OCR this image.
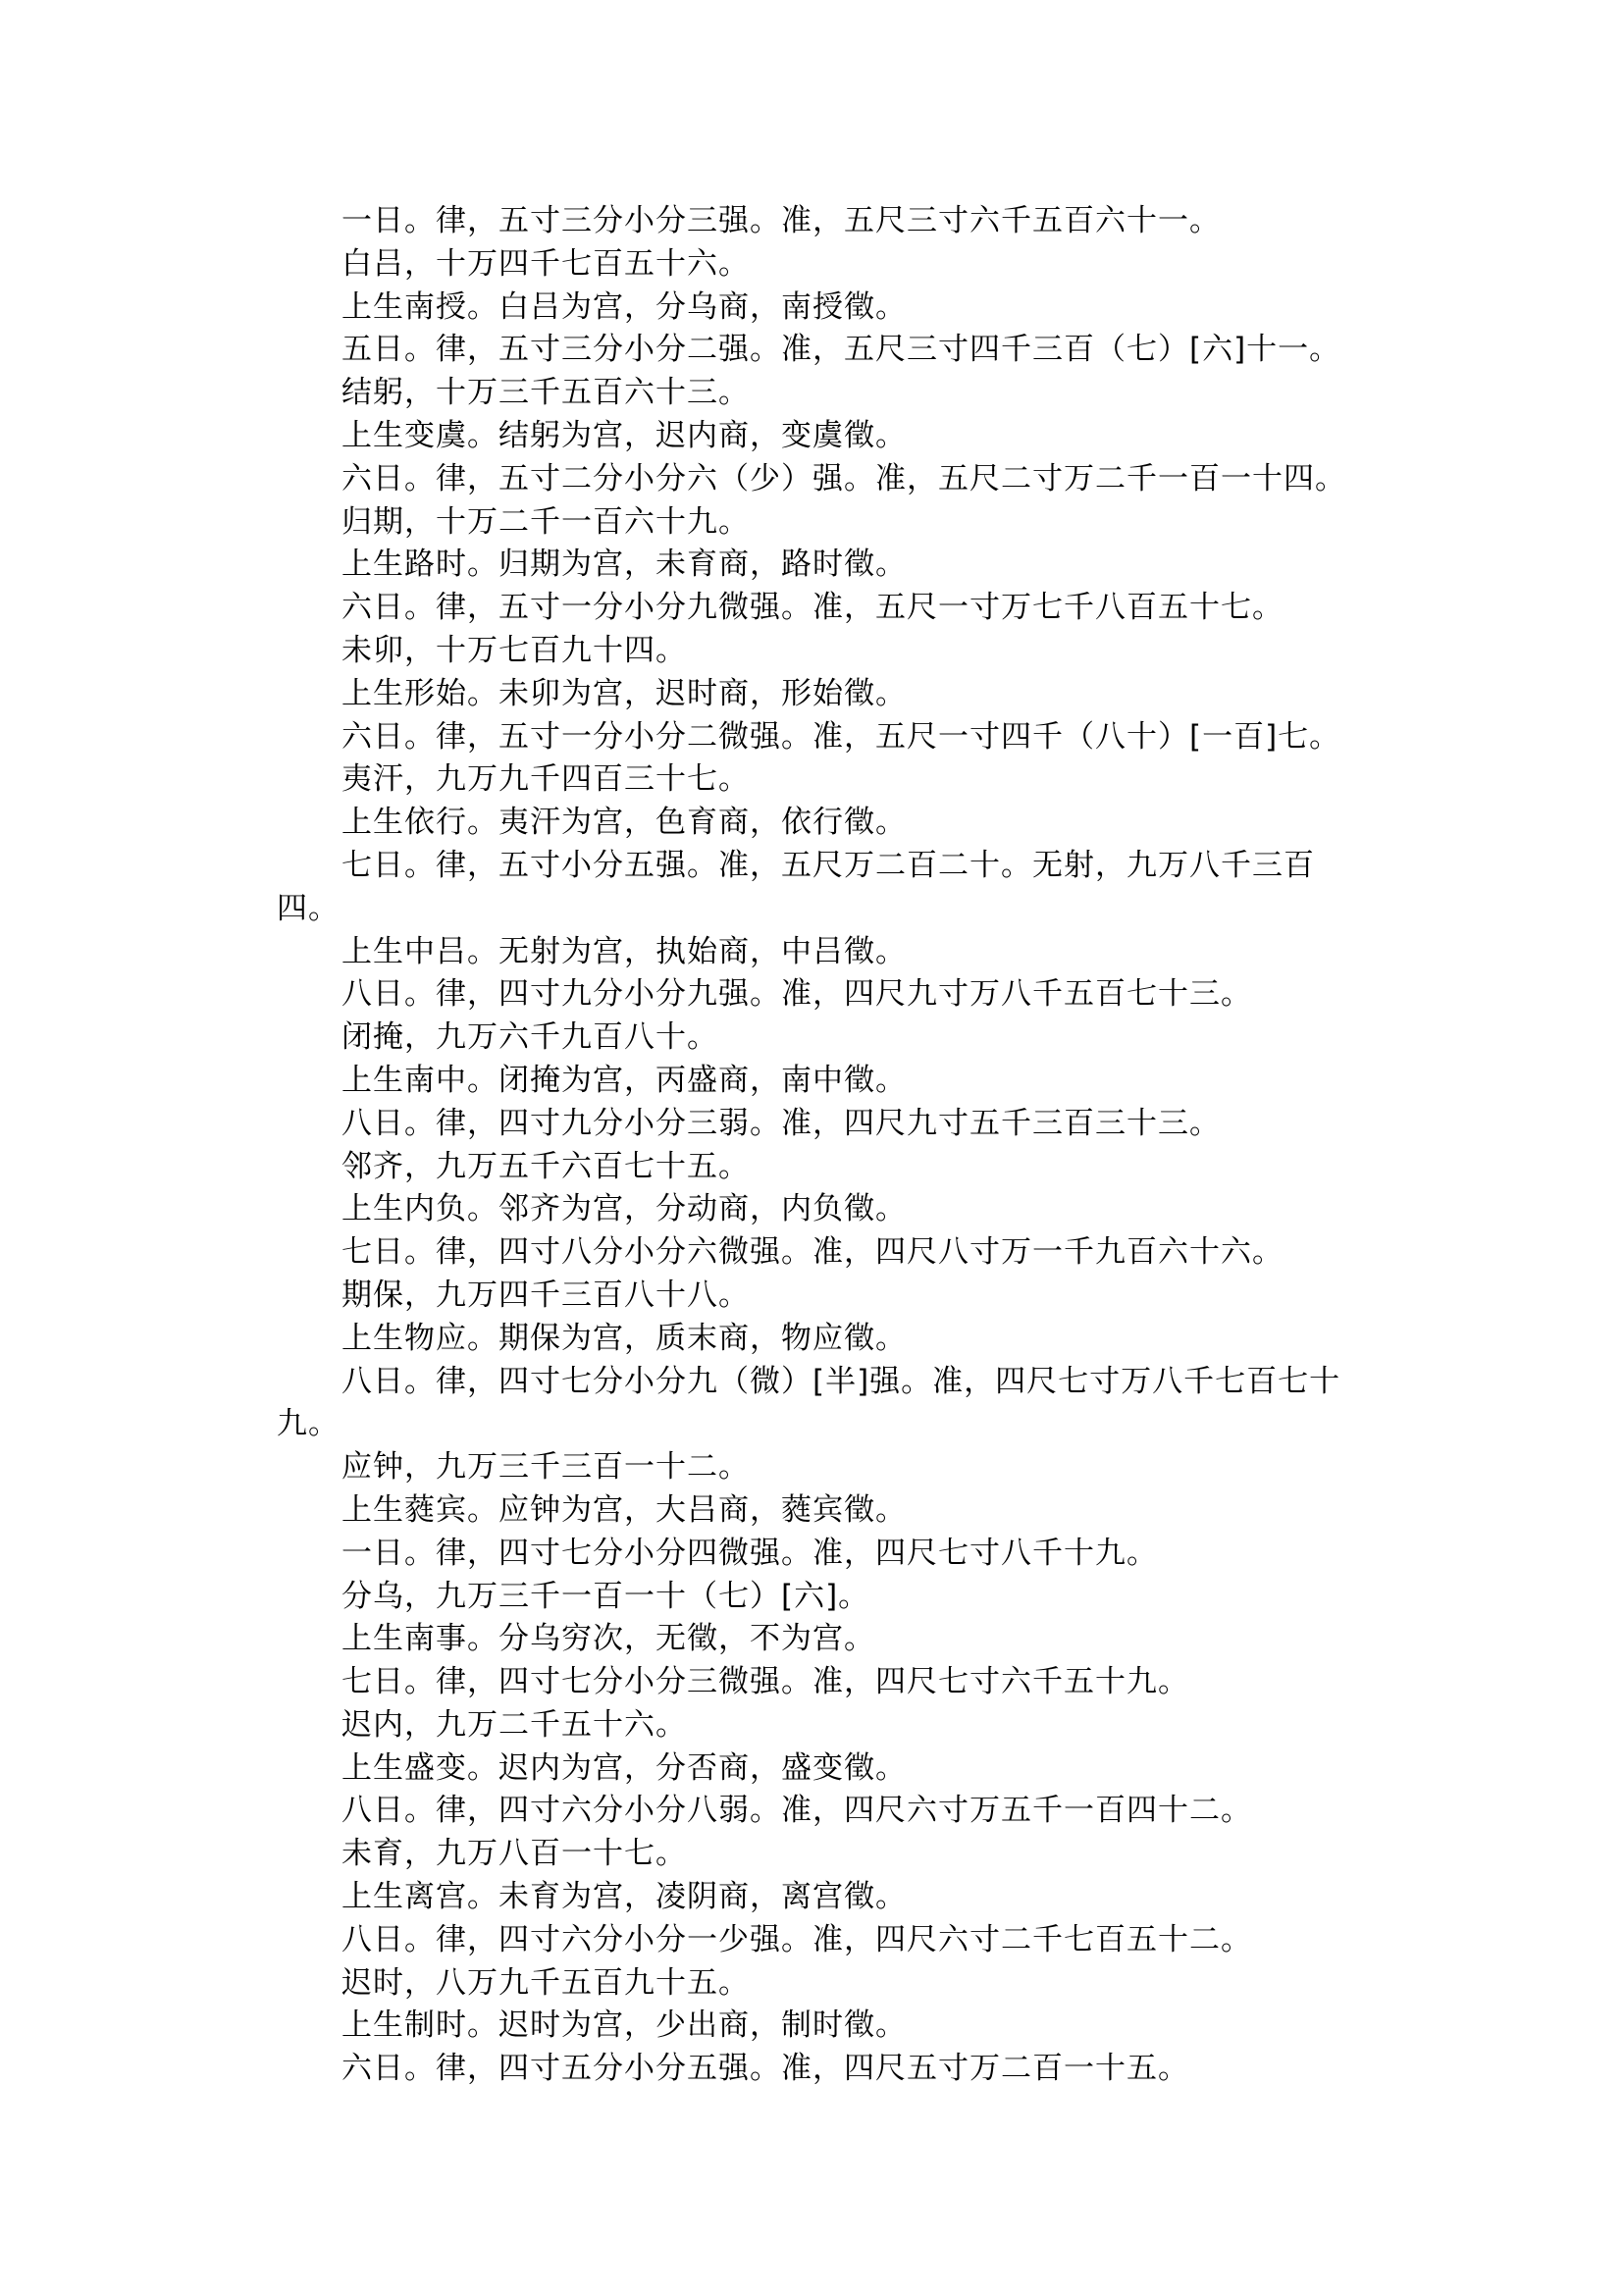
一日。律，五寸三分小分三强。准，五尺三寸六千五百六十一。

白吕，十万四千七百五十六。

上生南授。白吕为宫，分乌商，南授徵。

五日。律，五寸三分小分二强。准，五尺三寸四千三百（七）[六]十一。

结躬，十万三千五百六十三。

上生变虞。结躬为宫，迟内商，变虞徵。

六日。律，五寸二分小分六（少）强。准，五尺二寸万二千一百一十四。

归期，十万二千一百六十九。

上生路时。归期为宫，未育商，路时徵。

六日。律，五寸一分小分九微强。准，五尺一寸万七千八百五十七。

未卯，十万七百九十四。

上生形始。未卯为宫，迟时商，形始徵。

六日。律，五寸一分小分二微强。准，五尺一寸四千（八十）[一百]七。

夷汗，九万九千四百三十七。

上生依行。夷汗为宫，色育商，依行徵。

七日。律，五寸小分五强。准，五尺万二百二十。无射，九万八千三百四。

上生中吕。无射为宫，执始商，中吕徵。

八日。律，四寸九分小分九强。准，四尺九寸万八千五百七十三。

闭掩，九万六千九百八十。

上生南中。闭掩为宫，丙盛商，南中徵。

八日。律，四寸九分小分三弱。准，四尺九寸五千三百三十三。

邻齐，九万五千六百七十五。

上生内负。邻齐为宫，分动商，内负徵。

七日。律，四寸八分小分六微强。准，四尺八寸万一千九百六十六。

期保，九万四千三百八十八。

上生物应。期保为宫，质末商，物应徵。

八日。律，四寸七分小分九（微）[半]强。准，四尺七寸万八千七百七十九。

应钟，九万三千三百一十二。

上生蕤宾。应钟为宫，大吕商，蕤宾徵。

一日。律，四寸七分小分四微强。准，四尺七寸八千十九。

分乌，九万三千一百一十（七）[六]。

上生南事。分乌穷次，无徵，不为宫。

七日。律，四寸七分小分三微强。准，四尺七寸六千五十九。

迟内，九万二千五十六。

上生盛变。迟内为宫，分否商，盛变徵。

八日。律，四寸六分小分八弱。准，四尺六寸万五千一百四十二。

未育，九万八百一十七。

上生离宫。未育为宫，凌阴商，离宫徵。

八日。律，四寸六分小分一少强。准，四尺六寸二千七百五十二。

迟时，八万九千五百九十五。

上生制时。迟时为宫，少出商，制时徵。

六日。律，四寸五分小分五强。准，四尺五寸万二百一十五。
